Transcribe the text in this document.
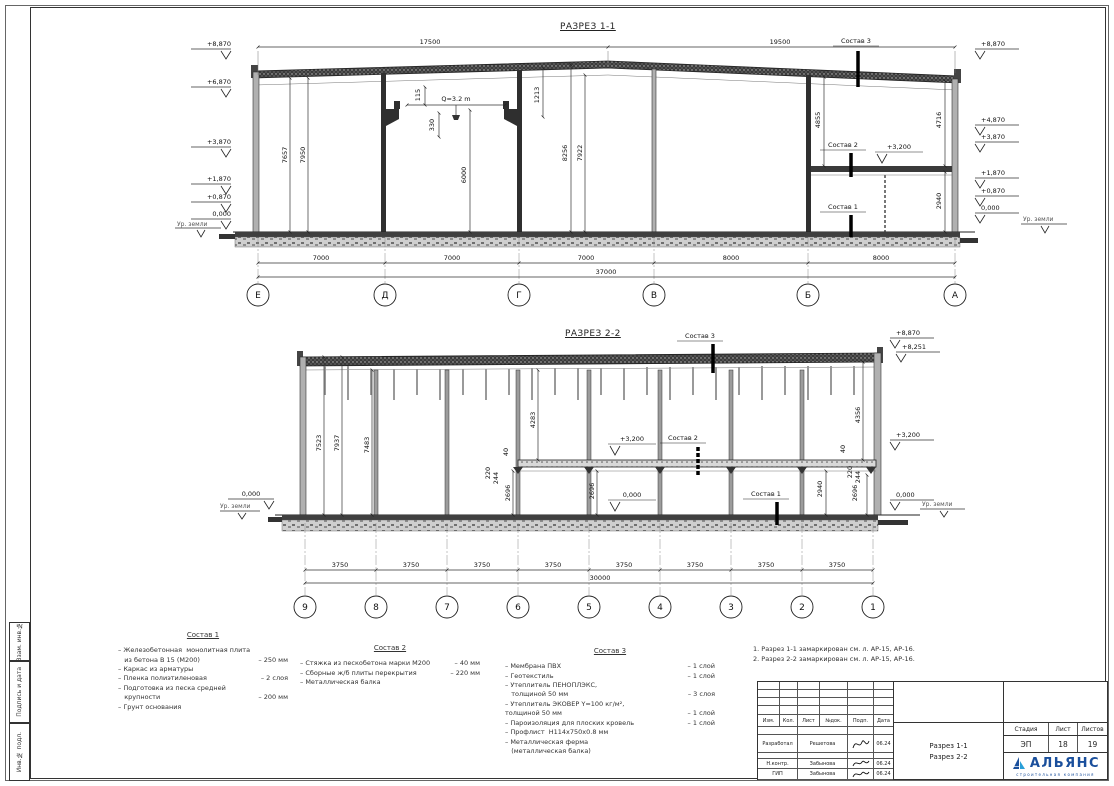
Взам. инв.№
Подпись и дата
Инв.№ подл.
РАЗРЕЗ 1-1
РАЗРЕЗ 2-2
17500	19500
Q=3.2 m
7657 7950
115
330
6000
1213
8256 7922
4855	4716
2940
Состав 3
Состав 2
Состав 1
+3,200
+8,870
+6,870
+3,870
+1,870
+0,870
0,000
Ур. земли
+8,870
+4,870
+3,870
+1,870
+0,870
0,000
Ур. земли
7000	7000	7000	8000	8000
37000
Е	Д	Г	В	Б	А
Состав 3
Состав 2
Состав 1
+3,200
0,000
0,000
Ур. земли
+8,870
+8,251
+3,200
0,000
Ур. земли
7523 7937	7483
4283	4356
40
220 244
2696	2696	2940
40
220 244
2696
3750	3750	3750	3750	3750	3750	3750	3750
30000
9	8	7	6	5	4	3	2	1
Состав 1
– Железобетонная  монолитная плита
из бетона В 15 (М200)	– 250 мм
– Каркас из арматуры
– Пленка полиэтиленовая	– 2 слоя
– Подготовка из песка средней
крупности	– 200 мм
– Грунт основания
Состав 2
– Стяжка из пескобетона марки М200	– 40 мм
– Сборные ж/б плиты перекрытия	– 220 мм
– Металлическая балка
Состав 3
– Мембрана ПВХ	– 1 слой
– Геотекстиль	– 1 слой
– Утеплитель ПЕНОПЛЭКС,
толщиной 50 мм	– 3 слоя
– Утеплитель ЭКОВЕР Y=100 кг/м²,
толщиной 50 мм	– 1 слой
– Пароизоляция для плоских кровель	– 1 слой
– Профлист  Н114х750х0.8 мм
– Металлическая ферма
(металлическая балка)
1. Разрез 1-1 замаркирован см. л. АР-15, АР-16.
2. Разрез 2-2 замаркирован см. л. АР-15, АР-16.
Изм.	Кол.	Лист	№док.	Подп.	Дата
Разработал	Решетова	06.24
Н.контр.	Забынова	06.24
ГИП	Забынова	06.24
Разрез 1-1
Разрез 2-2
Стадия	Лист	Листов
ЭП	18	19
АЛЬЯНС
строительная компания
